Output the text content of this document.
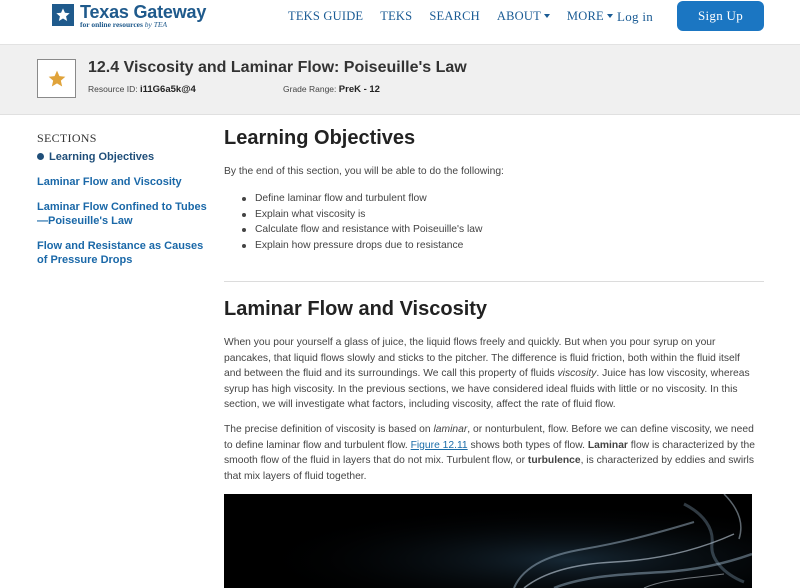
Texas Gateway
for online resources by TEA
TEKS GUIDE TEKS SEARCH ABOUT	MORE	Log in	Sign Up
12.4 Viscosity and Laminar Flow: Poiseuille's Law
Resource ID: i11G6a5k@4	Grade Range: PreK - 12
SECTIONS
Learning Objectives
Laminar Flow and Viscosity
Laminar Flow Confined to Tubes—Poiseuille's Law
Flow and Resistance as Causes of Pressure Drops
Learning Objectives
By the end of this section, you will be able to do the following:
Define laminar flow and turbulent flow
Explain what viscosity is
Calculate flow and resistance with Poiseuille's law
Explain how pressure drops due to resistance
Laminar Flow and Viscosity

When you pour yourself a glass of juice, the liquid flows freely and quickly. But when you pour syrup on your pancakes, that liquid flows slowly and sticks to the pitcher. The difference is fluid friction, both within the fluid itself and between the fluid and its surroundings. We call this property of fluids viscosity. Juice has low viscosity, whereas syrup has high viscosity. In the previous sections, we have considered ideal fluids with little or no viscosity. In this section, we will investigate what factors, including viscosity, affect the rate of fluid flow.

The precise definition of viscosity is based on laminar, or nonturbulent, flow. Before we can define viscosity, we need to define laminar flow and turbulent flow. Figure 12.11 shows both types of flow. Laminar flow is characterized by the smooth flow of the fluid in layers that do not mix. Turbulent flow, or turbulence, is characterized by eddies and swirls that mix layers of fluid together.
